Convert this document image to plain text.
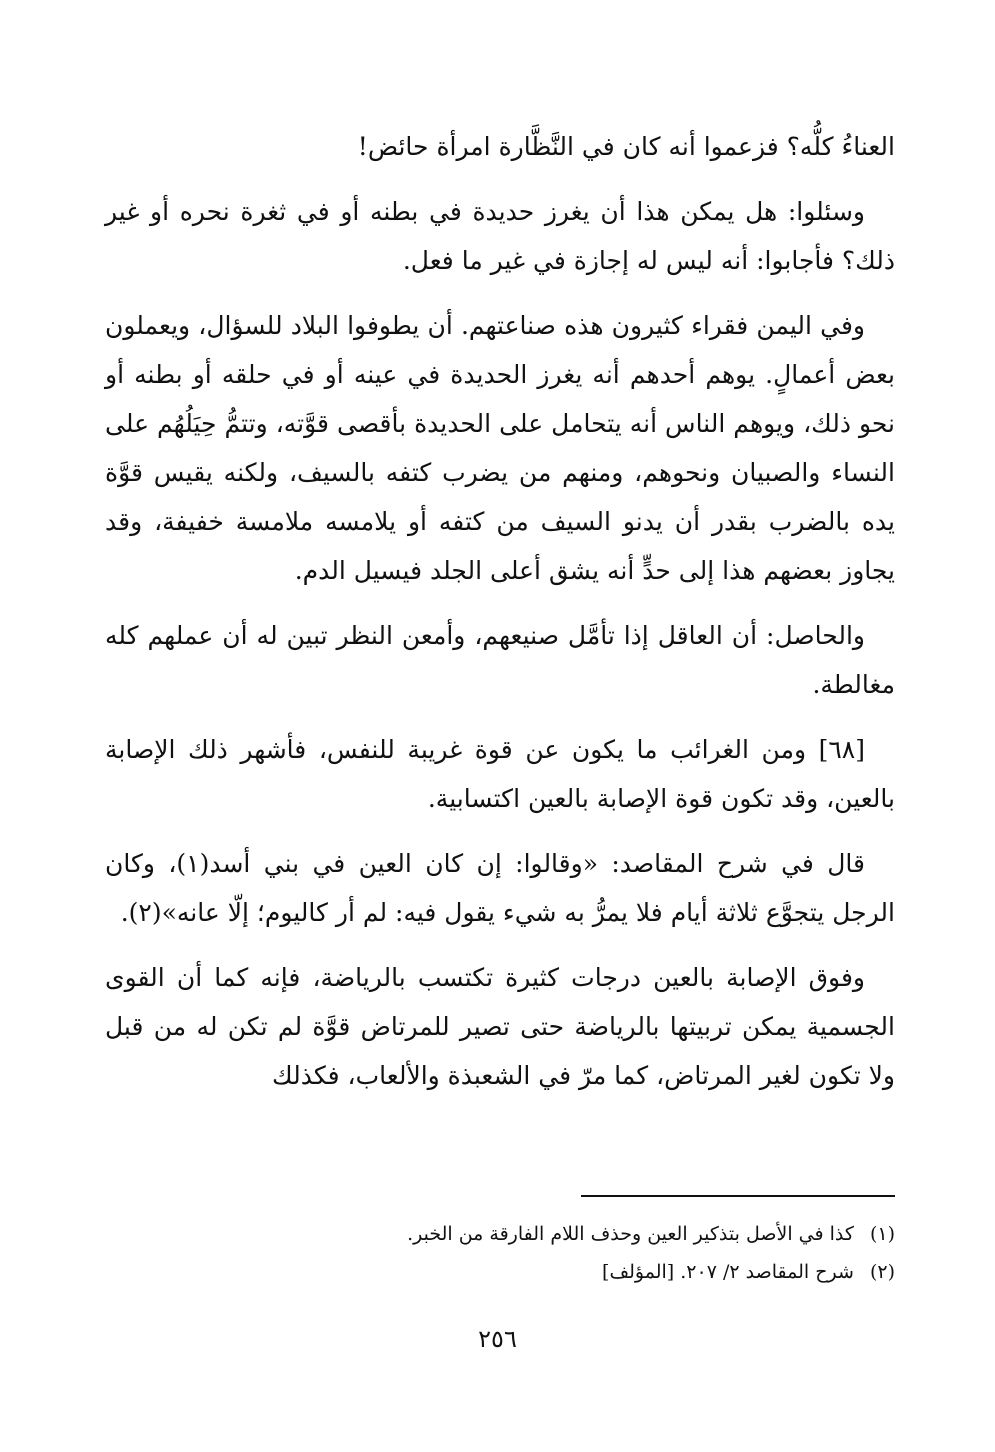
العناءُ كلُّه؟ فزعموا أنه كان في النَّظَّارة امرأة حائض!

وسئلوا: هل يمكن هذا أن يغرز حديدة في بطنه أو في ثغرة نحره أو غير ذلك؟ فأجابوا: أنه ليس له إجازة في غير ما فعل.

وفي اليمن فقراء كثيرون هذه صناعتهم. أن يطوفوا البلاد للسؤال، ويعملون بعض أعمالٍ. يوهم أحدهم أنه يغرز الحديدة في عينه أو في حلقه أو بطنه أو نحو ذلك، ويوهم الناس أنه يتحامل على الحديدة بأقصى قوَّته، وتتمُّ حِيَلُهُم على النساء والصبيان ونحوهم، ومنهم من يضرب كتفه بالسيف، ولكنه يقيس قوَّة يده بالضرب بقدر أن يدنو السيف من كتفه أو يلامسه ملامسة خفيفة، وقد يجاوز بعضهم هذا إلى حدٍّ أنه يشق أعلى الجلد فيسيل الدم.

والحاصل: أن العاقل إذا تأمَّل صنيعهم، وأمعن النظر تبين له أن عملهم كله مغالطة.

[٦٨] ومن الغرائب ما يكون عن قوة غريبة للنفس، فأشهر ذلك الإصابة بالعين، وقد تكون قوة الإصابة بالعين اكتسابية.

قال في شرح المقاصد: «وقالوا: إن كان العين في بني أسد(١)، وكان الرجل يتجوَّع ثلاثة أيام فلا يمرُّ به شيء يقول فيه: لم أر كاليوم؛ إلّا عانه»(٢).

وفوق الإصابة بالعين درجات كثيرة تكتسب بالرياضة، فإنه كما أن القوى الجسمية يمكن تربيتها بالرياضة حتى تصير للمرتاض قوَّة لم تكن له من قبل ولا تكون لغير المرتاض، كما مرّ في الشعبذة والألعاب، فكذلك

(١) كذا في الأصل بتذكير العين وحذف اللام الفارقة من الخبر.
(٢) شرح المقاصد ٢/ ٢٠٧. [المؤلف]
٢٥٦
